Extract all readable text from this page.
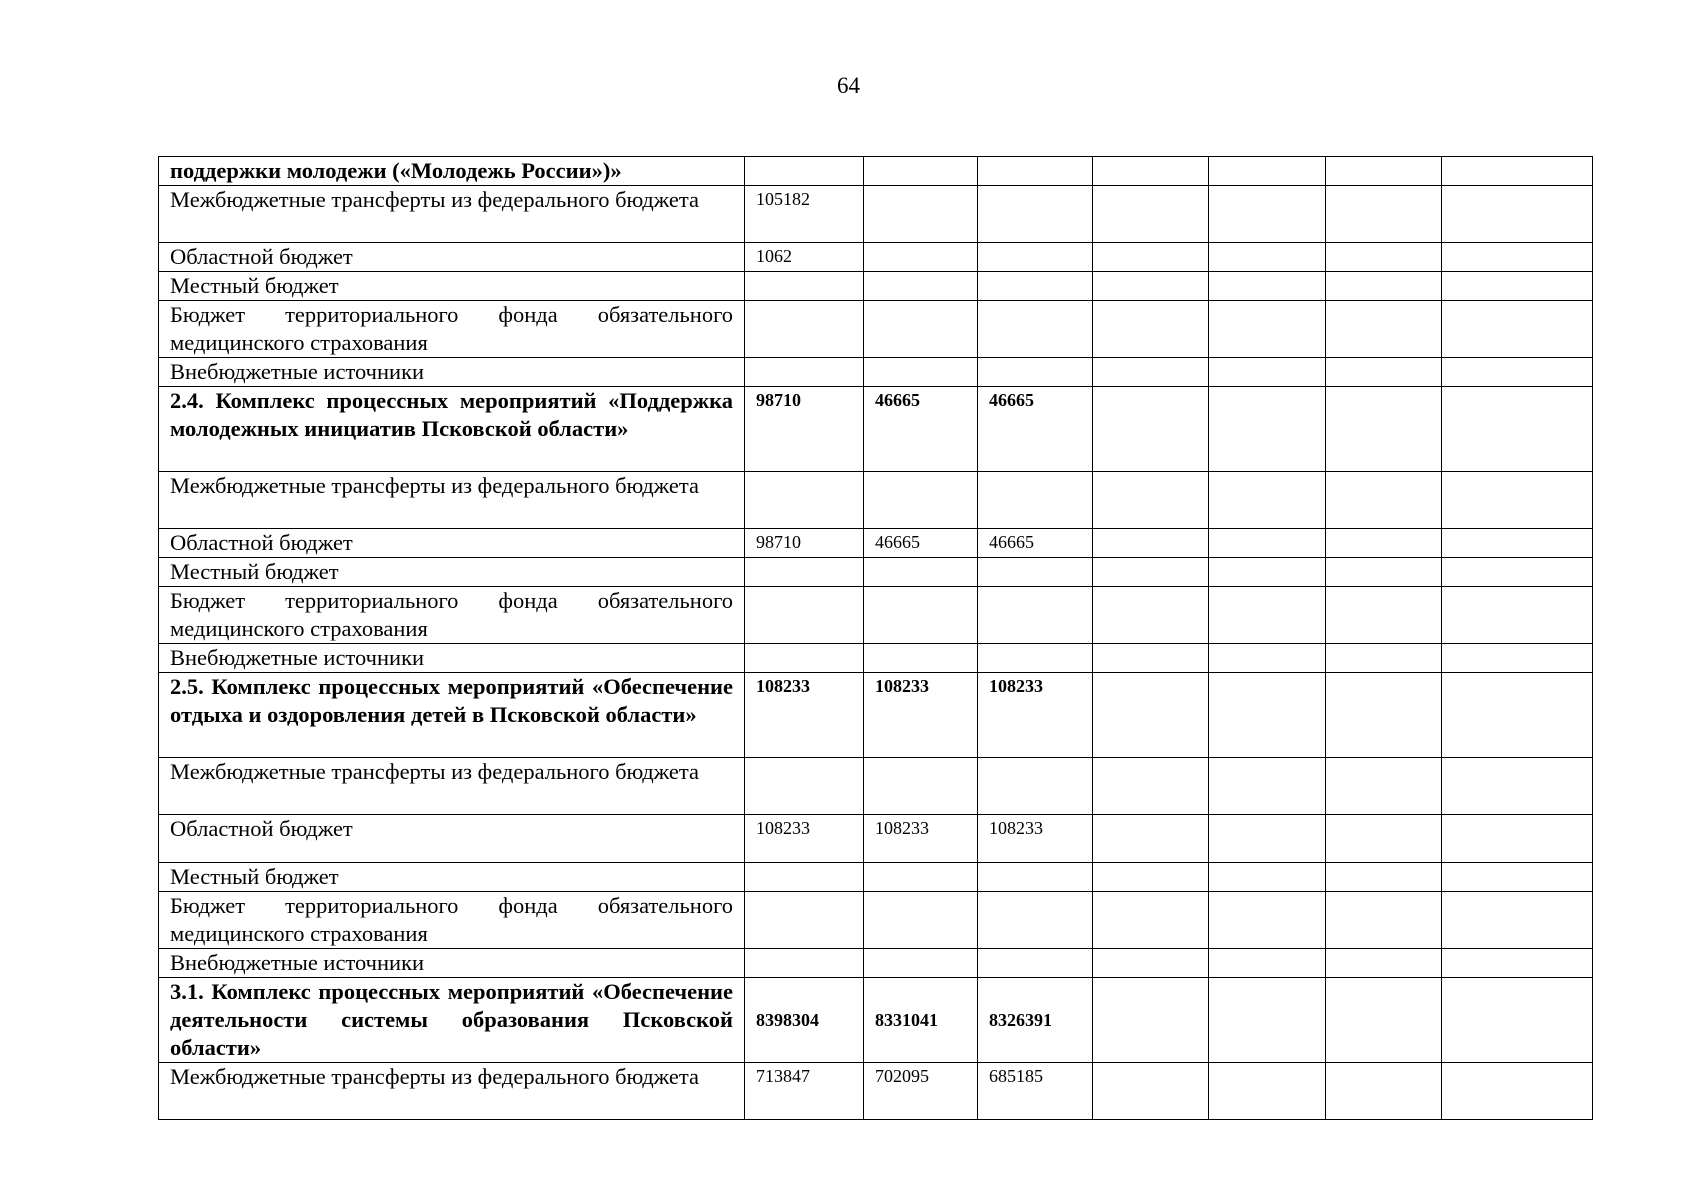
64
поддержки молодежи («Молодежь России»)»							
Межбюджетные трансферты из федерального бюджета	105182						
Областной бюджет	1062						
Местный бюджет							
Бюджет территориального фонда обязательного медицинского страхования							
Внебюджетные источники							
2.4. Комплекс процессных мероприятий «Поддержка молодежных инициатив Псковской области»	98710	46665	46665				
Межбюджетные трансферты из федерального бюджета							
Областной бюджет	98710	46665	46665				
Местный бюджет							
Бюджет территориального фонда обязательного медицинского страхования							
Внебюджетные источники							
2.5. Комплекс процессных мероприятий «Обеспечение отдыха и оздоровления детей в Псковской области»	108233	108233	108233				
Межбюджетные трансферты из федерального бюджета							
Областной бюджет	108233	108233	108233				
Местный бюджет							
Бюджет территориального фонда обязательного медицинского страхования							
Внебюджетные источники							
3.1. Комплекс процессных мероприятий «Обеспечение деятельности системы образования Псковской области»	8398304	8331041	8326391				
Межбюджетные трансферты из федерального бюджета	713847	702095	685185				
